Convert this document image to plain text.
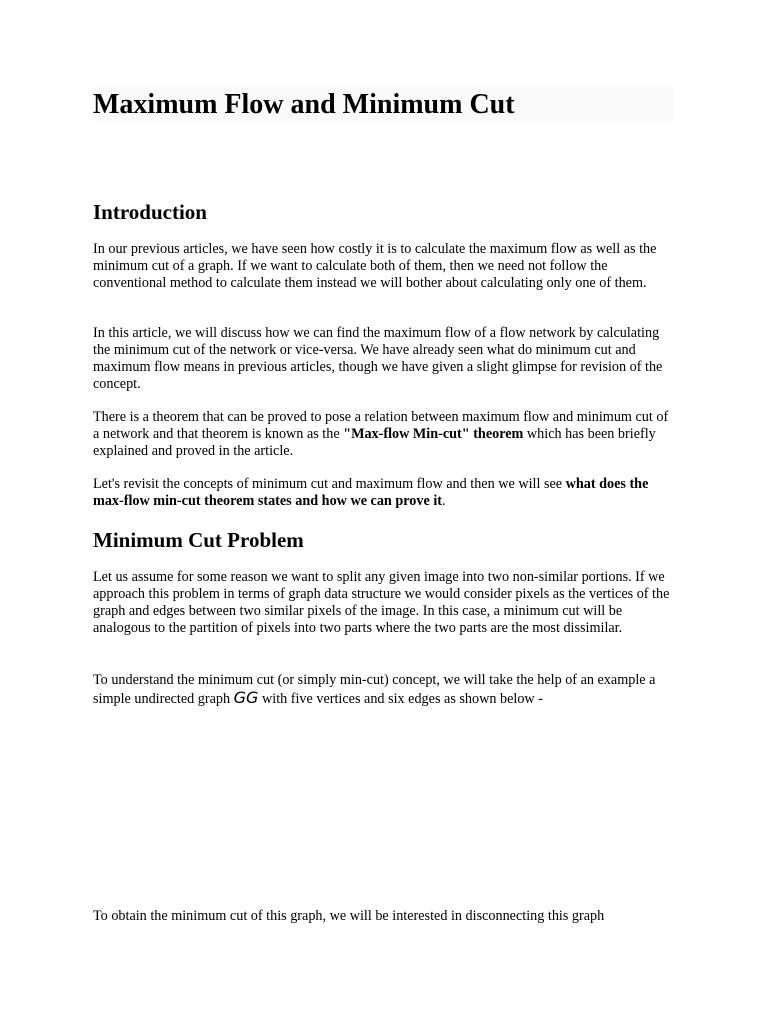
Maximum Flow and Minimum Cut
Introduction

In our previous articles, we have seen how costly it is to calculate the maximum flow as well as the minimum cut of a graph. If we want to calculate both of them, then we need not follow the conventional method to calculate them instead we will bother about calculating only one of them.

In this article, we will discuss how we can find the maximum flow of a flow network by calculating the minimum cut of the network or vice-versa. We have already seen what do minimum cut and maximum flow means in previous articles, though we have given a slight glimpse for revision of the concept.

There is a theorem that can be proved to pose a relation between maximum flow and minimum cut of a network and that theorem is known as the "Max-flow Min-cut" theorem which has been briefly explained and proved in the article.

Let's revisit the concepts of minimum cut and maximum flow and then we will see what does the max-flow min-cut theorem states and how we can prove it.

Minimum Cut Problem

Let us assume for some reason we want to split any given image into two non-similar portions. If we approach this problem in terms of graph data structure we would consider pixels as the vertices of the graph and edges between two similar pixels of the image. In this case, a minimum cut will be analogous to the partition of pixels into two parts where the two parts are the most dissimilar.

To understand the minimum cut (or simply min-cut) concept, we will take the help of an example a simple undirected graph GG with five vertices and six edges as shown below -

To obtain the minimum cut of this graph, we will be interested in disconnecting this graph
